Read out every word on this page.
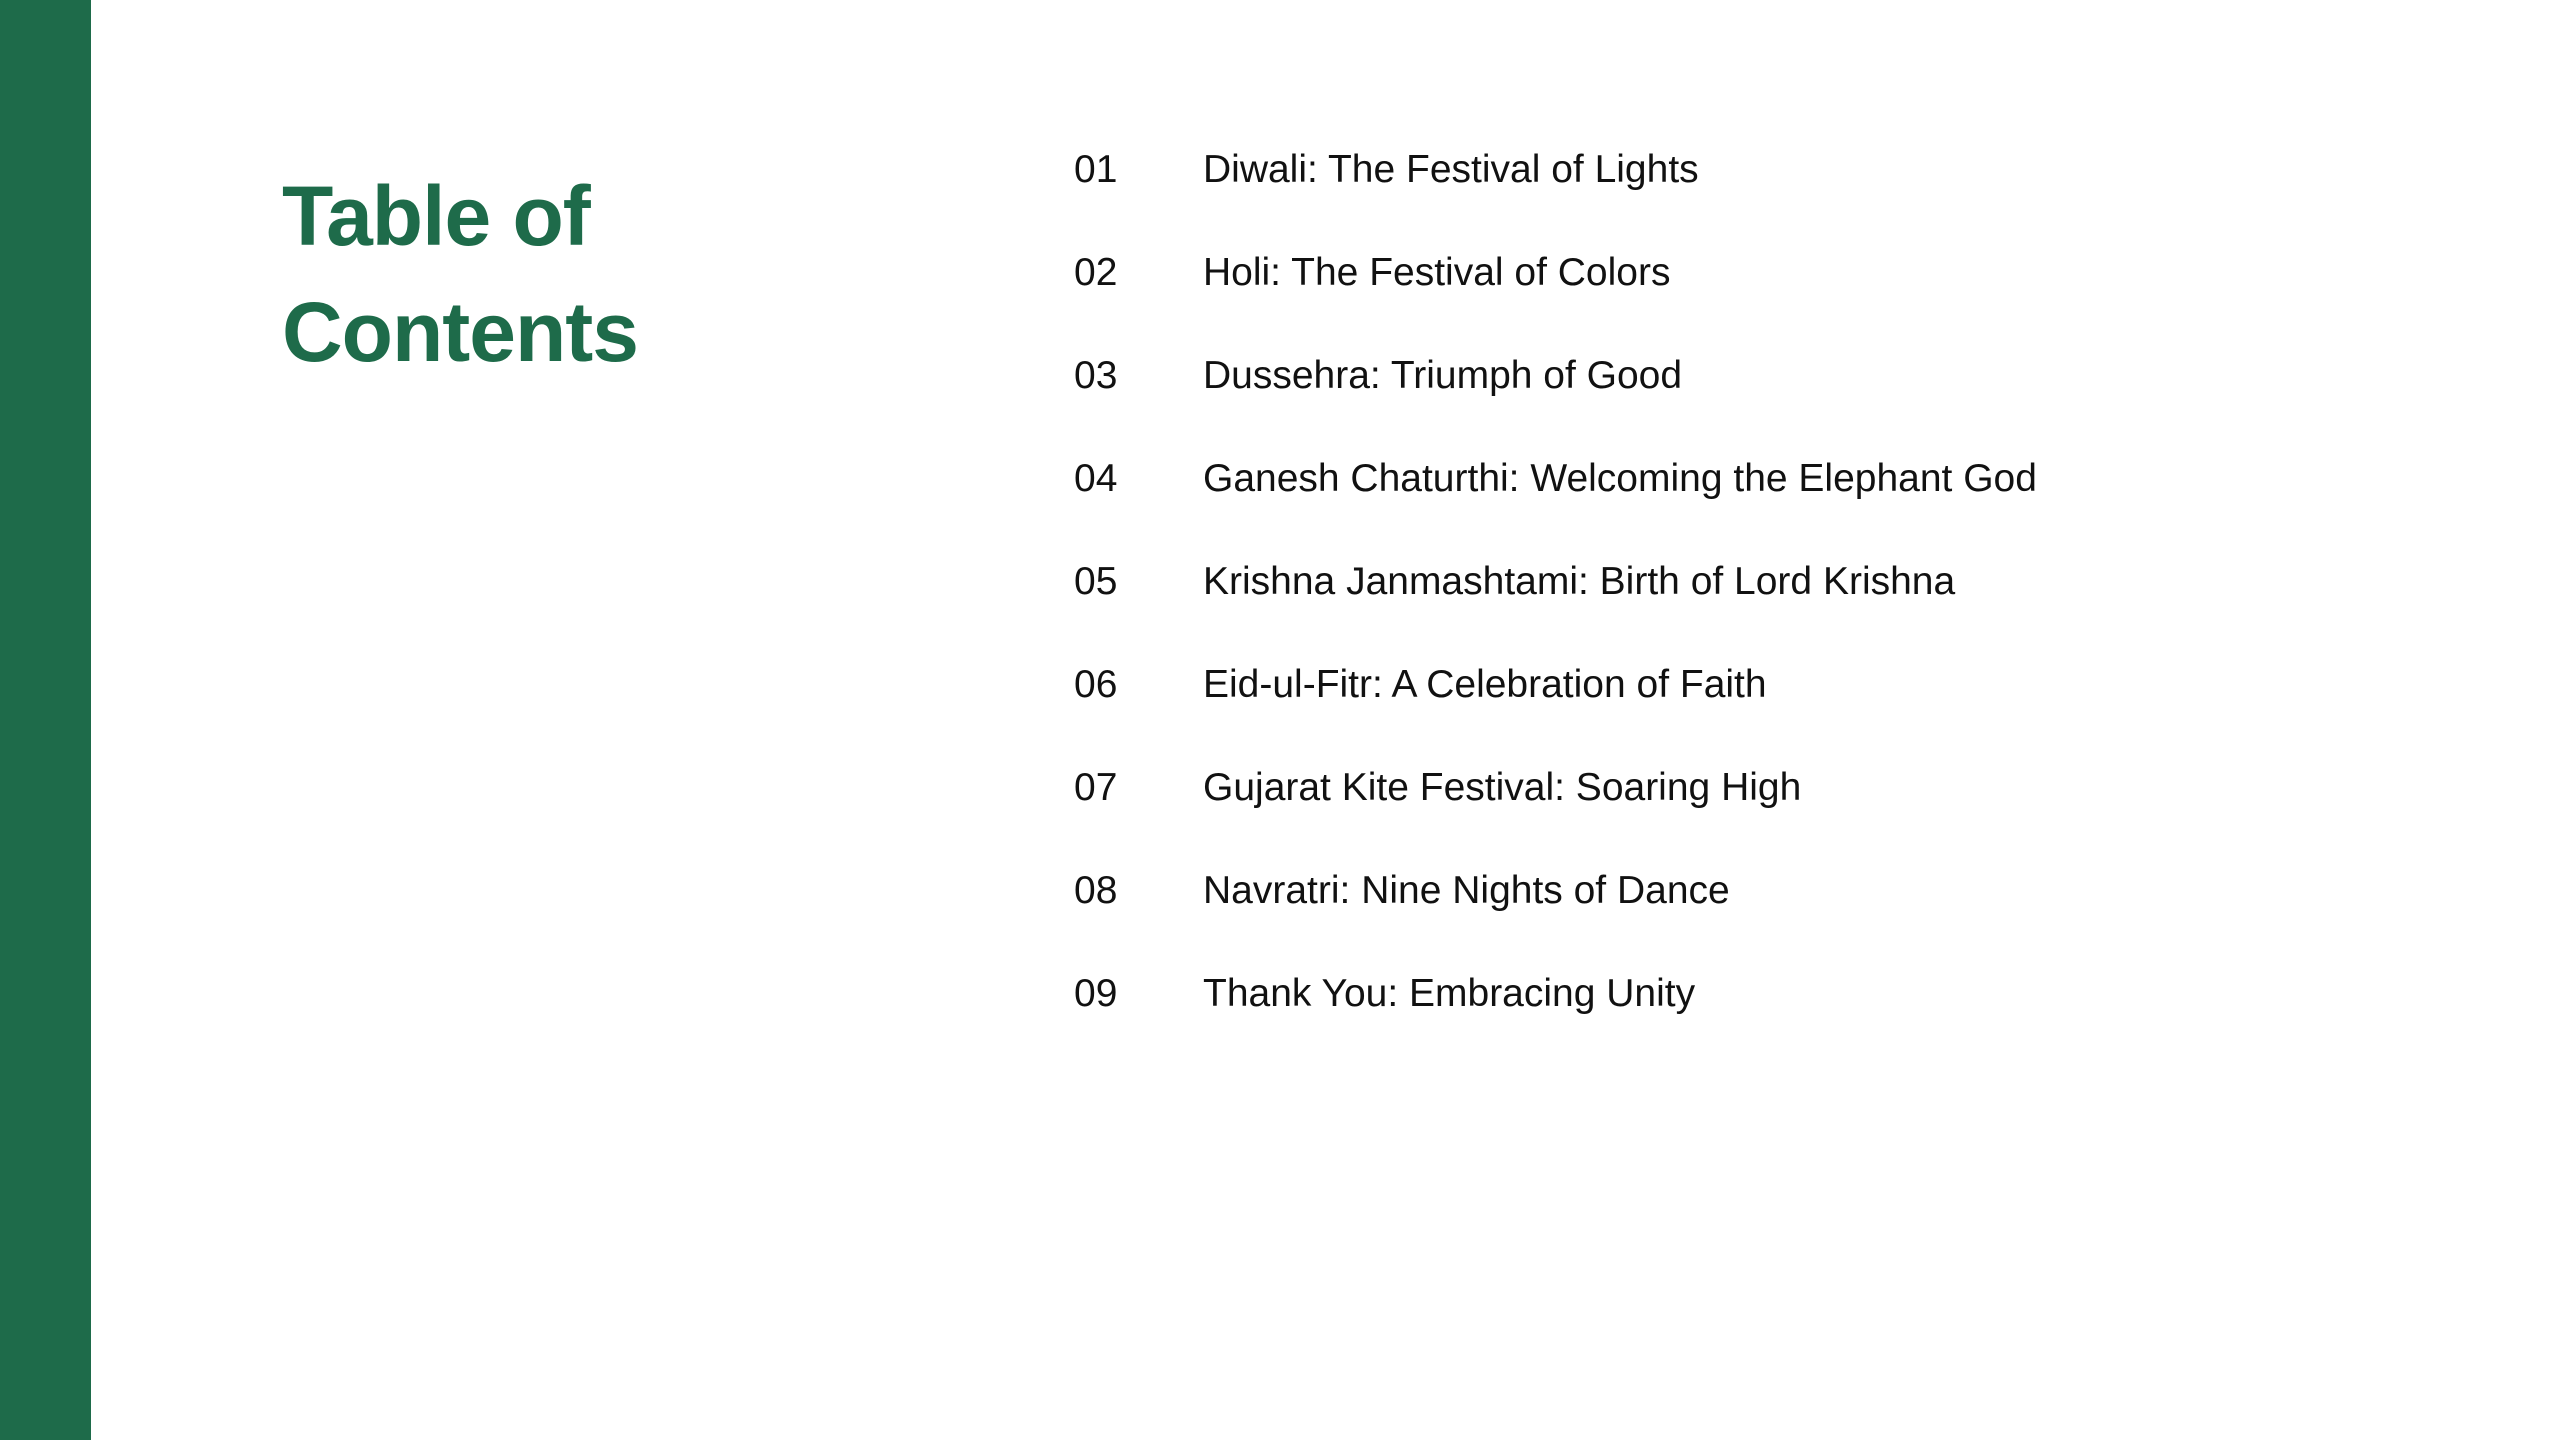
Table of
Contents
01	Diwali: The Festival of Lights
02	Holi: The Festival of Colors
03	Dussehra: Triumph of Good
04	Ganesh Chaturthi: Welcoming the Elephant God
05	Krishna Janmashtami: Birth of Lord Krishna
06	Eid-ul-Fitr: A Celebration of Faith
07	Gujarat Kite Festival: Soaring High
08	Navratri: Nine Nights of Dance
09	Thank You: Embracing Unity
